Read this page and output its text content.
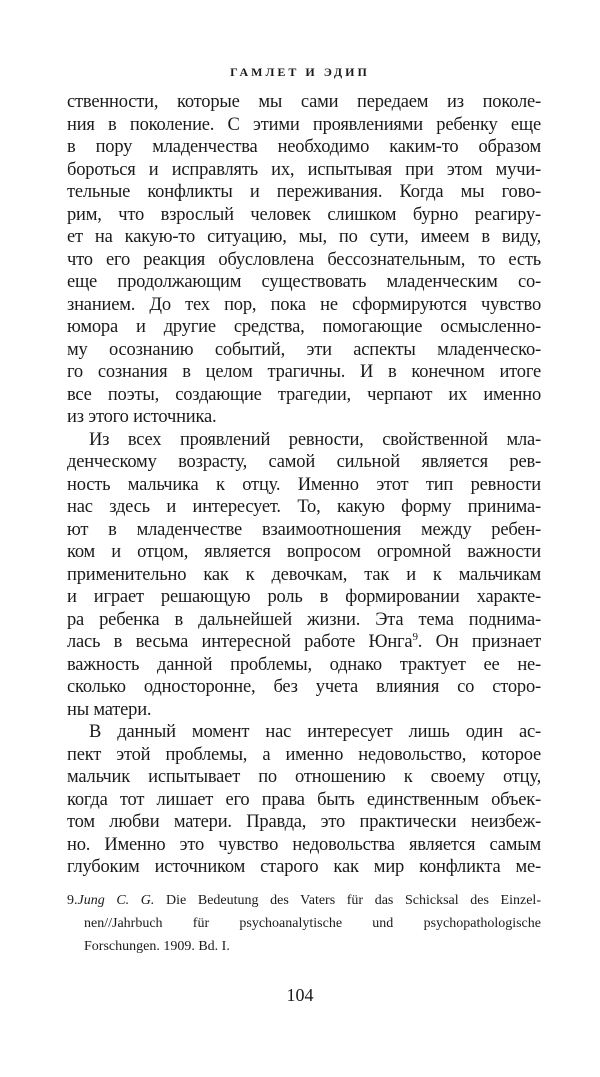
ГАМЛЕТ И ЭДИП
ственности, которые мы сами передаем из поколе-
ния в поколение. С этими проявлениями ребенку еще
в пору младенчества необходимо каким-то образом
бороться и исправлять их, испытывая при этом мучи-
тельные конфликты и переживания. Когда мы гово-
рим, что взрослый человек слишком бурно реагиру-
ет на какую-то ситуацию, мы, по сути, имеем в виду,
что его реакция обусловлена бессознательным, то есть
еще продолжающим существовать младенческим со-
знанием. До тех пор, пока не сформируются чувство
юмора и другие средства, помогающие осмысленно-
му осознанию событий, эти аспекты младенческо-
го сознания в целом трагичны. И в конечном итоге
все поэты, создающие трагедии, черпают их именно
из этого источника.
Из всех проявлений ревности, свойственной мла-
денческому возрасту, самой сильной является рев-
ность мальчика к отцу. Именно этот тип ревности
нас здесь и интересует. То, какую форму принима-
ют в младенчестве взаимоотношения между ребен-
ком и отцом, является вопросом огромной важности
применительно как к девочкам, так и к мальчикам
и играет решающую роль в формировании характе-
ра ребенка в дальнейшей жизни. Эта тема поднима-
лась в весьма интересной работе Юнга$^9$. Он признает
важность данной проблемы, однако трактует ее не-
сколько односторонне, без учета влияния со сторо-
ны матери.
В данный момент нас интересует лишь один ас-
пект этой проблемы, а именно недовольство, которое
мальчик испытывает по отношению к своему отцу,
когда тот лишает его права быть единственным объек-
том любви матери. Правда, это практически неизбеж-
но. Именно это чувство недовольства является самым
глубоким источником старого как мир конфликта ме-
9.Jung C. G. Die Bedeutung des Vaters für das Schicksal des Einzel-
nen//Jahrbuch für psychoanalytische und psychopathologische
Forschungen. 1909. Bd. I.
104
